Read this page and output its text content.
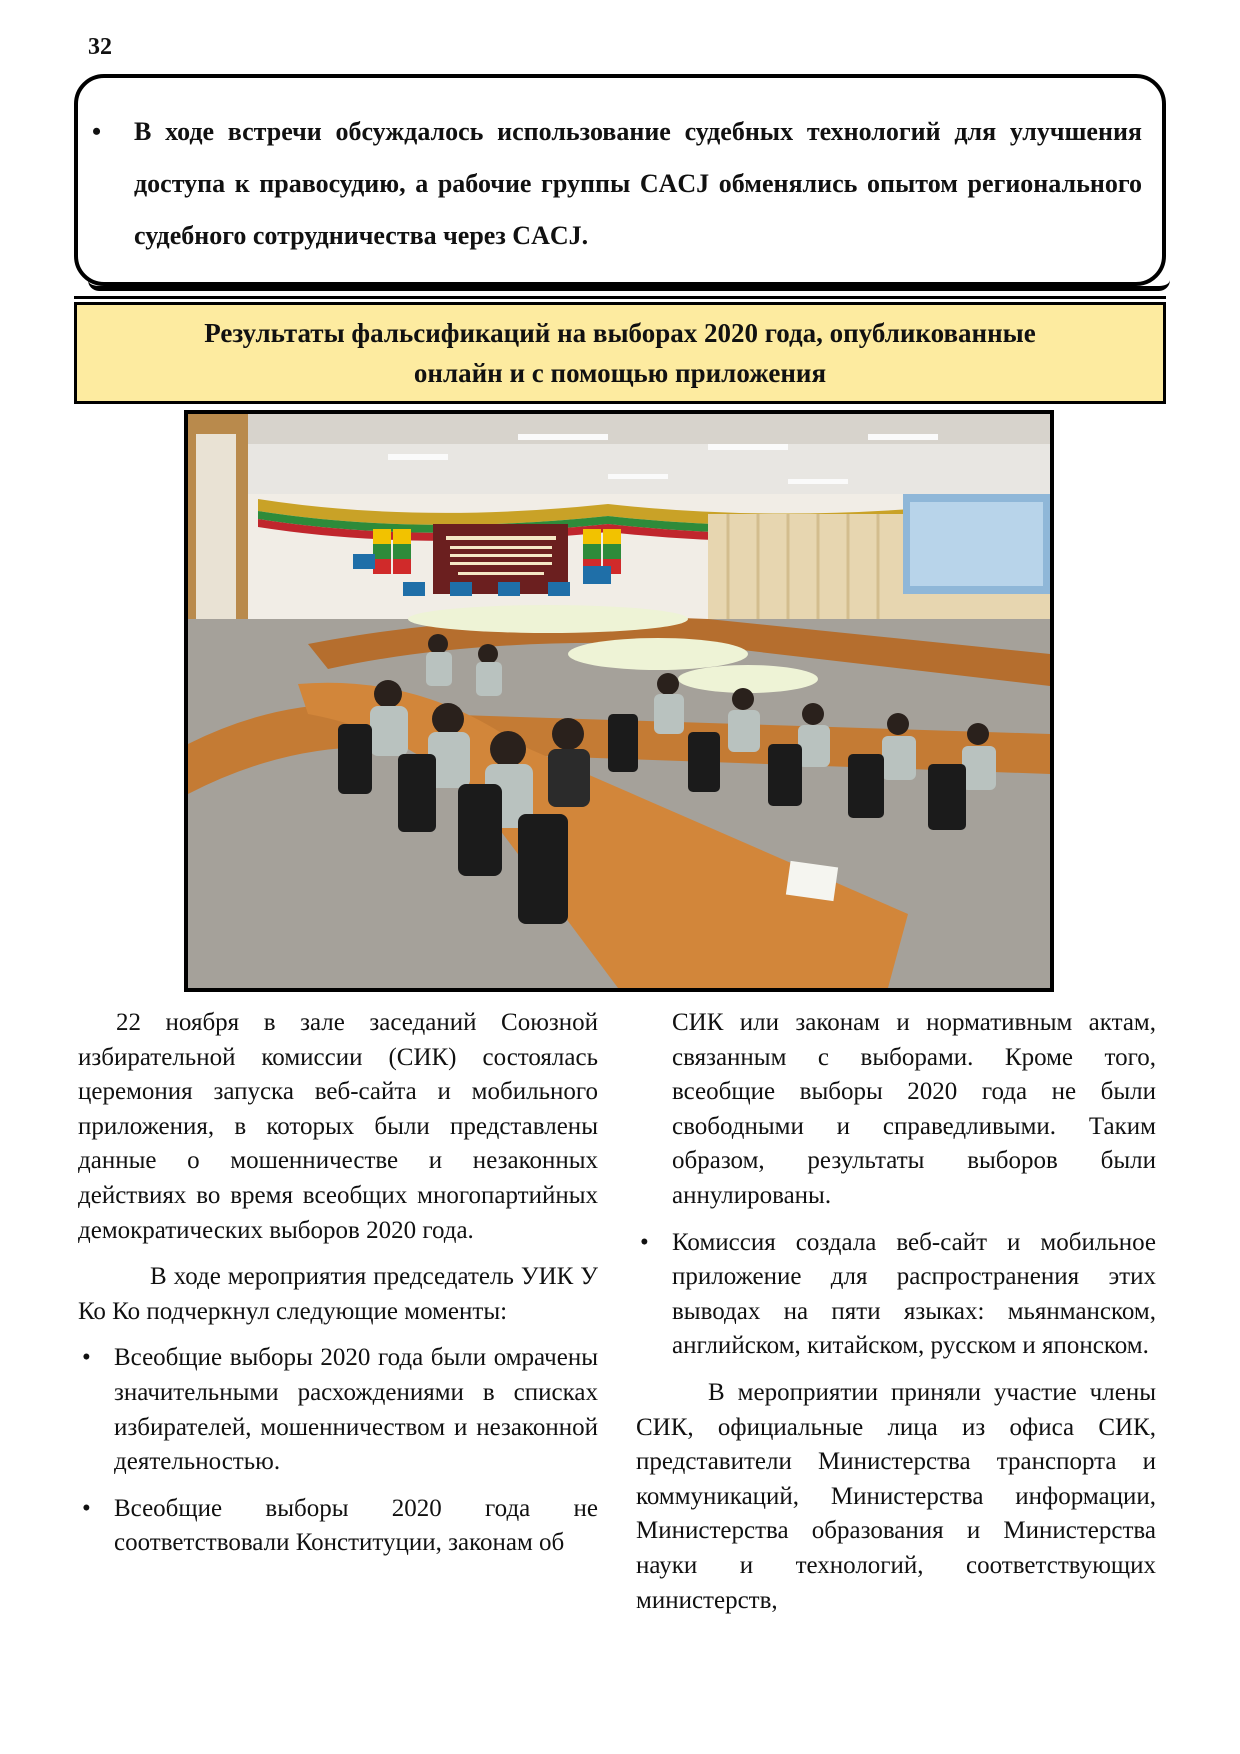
32
• В ходе встречи обсуждалось использование судебных технологий для улучшения доступа к правосудию, а рабочие группы CACJ обменялись опытом регионального судебного сотрудничества через CACJ.

Результаты фальсификаций на выборах 2020 года, опубликованные
онлайн и с помощью приложения

22 ноября в зале заседаний Союзной избирательной комиссии (СИК) состоялась церемония запуска веб-сайта и мобильного приложения, в которых были представлены данные о мошенничестве и незаконных действиях во время всеобщих многопартийных демократических выборов 2020 года.

В ходе мероприятия председатель УИК У Ко Ко подчеркнул следующие моменты:

• Всеобщие выборы 2020 года были омрачены значительными расхождениями в списках избирателей, мошенничеством и незаконной деятельностью.

• Всеобщие выборы 2020 года не соответствовали Конституции, законам об

СИК или законам и нормативным актам, связанным с выборами. Кроме того, всеобщие выборы 2020 года не были свободными и справедливыми. Таким образом, результаты выборов были аннулированы.

• Комиссия создала веб-сайт и мобильное приложение для распространения этих выводах на пяти языках: мьянманском, английском, китайском, русском и японском.

В мероприятии приняли участие члены СИК, официальные лица из офиса СИК, представители Министерства транспорта и коммуникаций, Министерства информации, Министерства образования и Министерства науки и технологий, соответствующих министерств,
